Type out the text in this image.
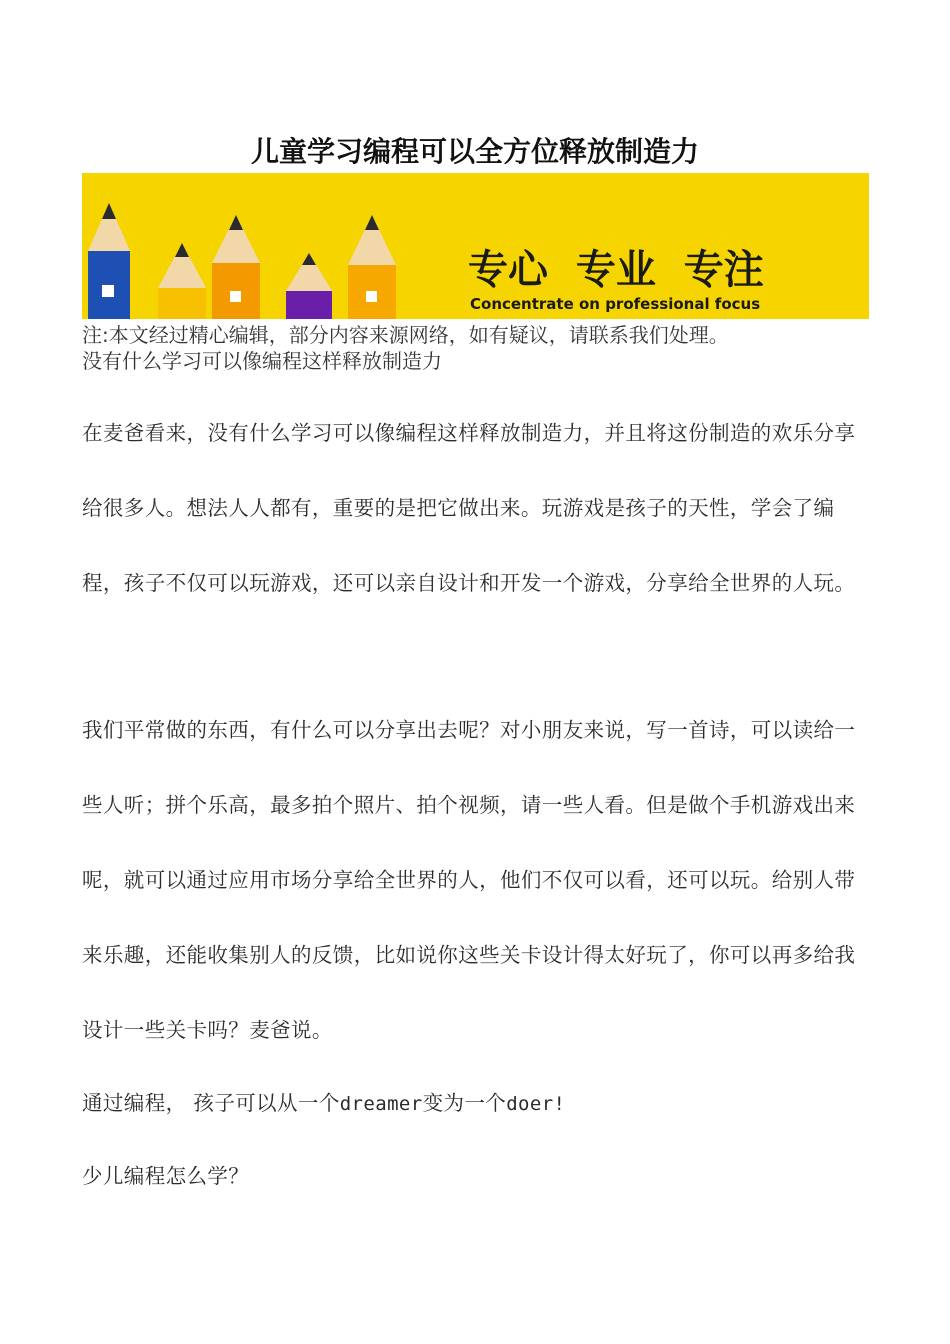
儿童学习编程可以全方位释放制造力
专心  专业  专注
Concentrate on professional focus
注:本文经过精心编辑，部分内容来源网络，如有疑议，请联系我们处理。
没有什么学习可以像编程这样释放制造力

在麦爸看来，没有什么学习可以像编程这样释放制造力，并且将这份制造的欢乐分享给很多人。想法人人都有，重要的是把它做出来。玩游戏是孩子的天性，学会了编程，孩子不仅可以玩游戏，还可以亲自设计和开发一个游戏，分享给全世界的人玩。

我们平常做的东西，有什么可以分享出去呢？对小朋友来说，写一首诗，可以读给一些人听；拼个乐高，最多拍个照片、拍个视频，请一些人看。但是做个手机游戏出来呢，就可以通过应用市场分享给全世界的人，他们不仅可以看，还可以玩。给别人带来乐趣，还能收集别人的反馈，比如说你这些关卡设计得太好玩了，你可以再多给我设计一些关卡吗？麦爸说。

通过编程， 孩子可以从一个dreamer变为一个doer!

少儿编程怎么学？
